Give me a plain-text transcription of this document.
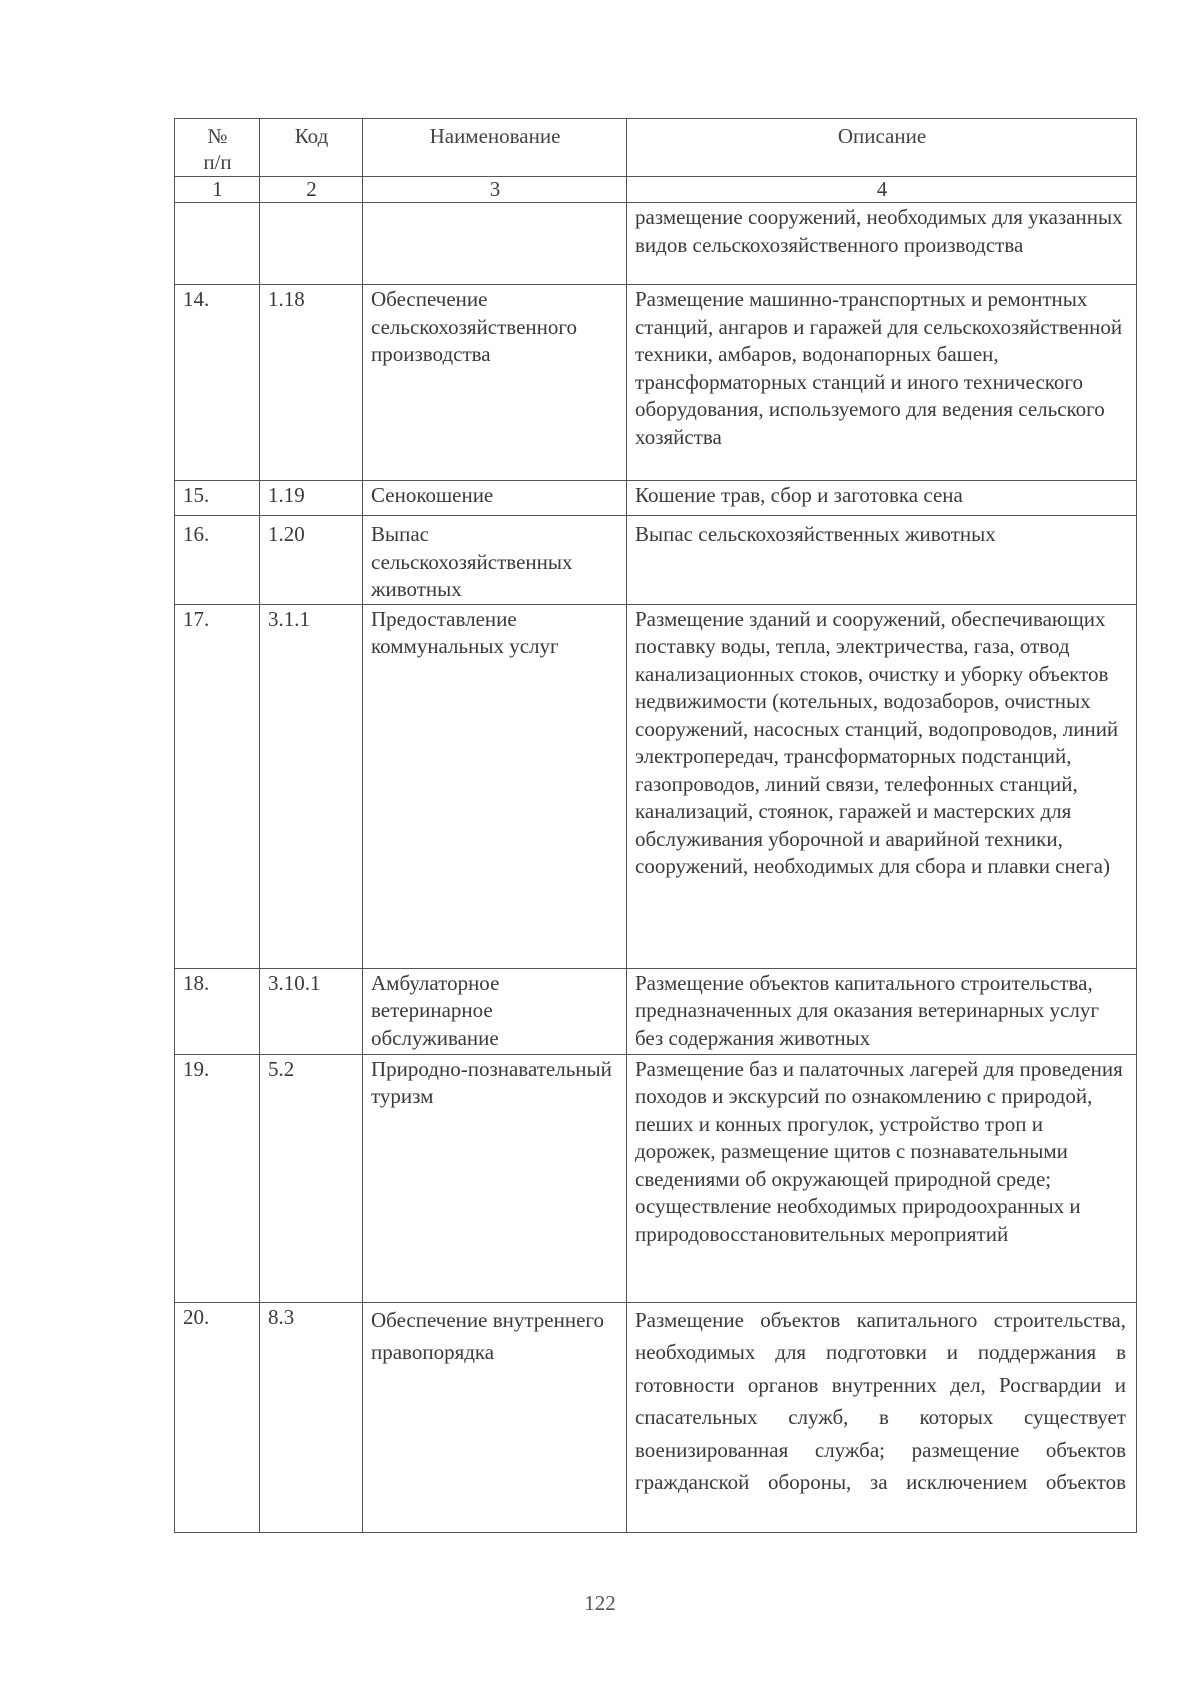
№
п/п	Код	Наименование	Описание
1	2	3	4
			размещение сооружений, необходимых для указанных видов сельскохозяйственного производства
14.	1.18	Обеспечение сельскохозяйственного производства	Размещение машинно-транспортных и ремонтных станций, ангаров и гаражей для сельскохозяйственной техники, амбаров, водонапорных башен, трансформаторных станций и иного технического оборудования, используемого для ведения сельского хозяйства
15.	1.19	Сенокошение	Кошение трав, сбор и заготовка сена
16.	1.20	Выпас сельскохозяйственных животных	Выпас сельскохозяйственных животных
17.	3.1.1	Предоставление коммунальных услуг	Размещение зданий и сооружений, обеспечивающих поставку воды, тепла, электричества, газа, отвод канализационных стоков, очистку и уборку объектов недвижимости (котельных, водозаборов, очистных сооружений, насосных станций, водопроводов, линий электропередач, трансформаторных подстанций, газопроводов, линий связи, телефонных станций, канализаций, стоянок, гаражей и мастерских для обслуживания уборочной и аварийной техники, сооружений, необходимых для сбора и плавки снега)
18.	3.10.1	Амбулаторное ветеринарное обслуживание	Размещение объектов капитального строительства, предназначенных для оказания ветеринарных услуг без содержания животных
19.	5.2	Природно-познавательный туризм	Размещение баз и палаточных лагерей для проведения походов и экскурсий по ознакомлению с природой, пеших и конных прогулок, устройство троп и дорожек, размещение щитов с познавательными сведениями об окружающей природной среде; осуществление необходимых природоохранных и природовосстановительных мероприятий
20.	8.3	Обеспечение внутреннего правопорядка	Размещение объектов капитального строительства, необходимых для подготовки и поддержания в готовности органов внутренних дел, Росгвардии и спасательных служб, в которых существует военизированная служба; размещение объектов гражданской обороны, за исключением объектов
122
